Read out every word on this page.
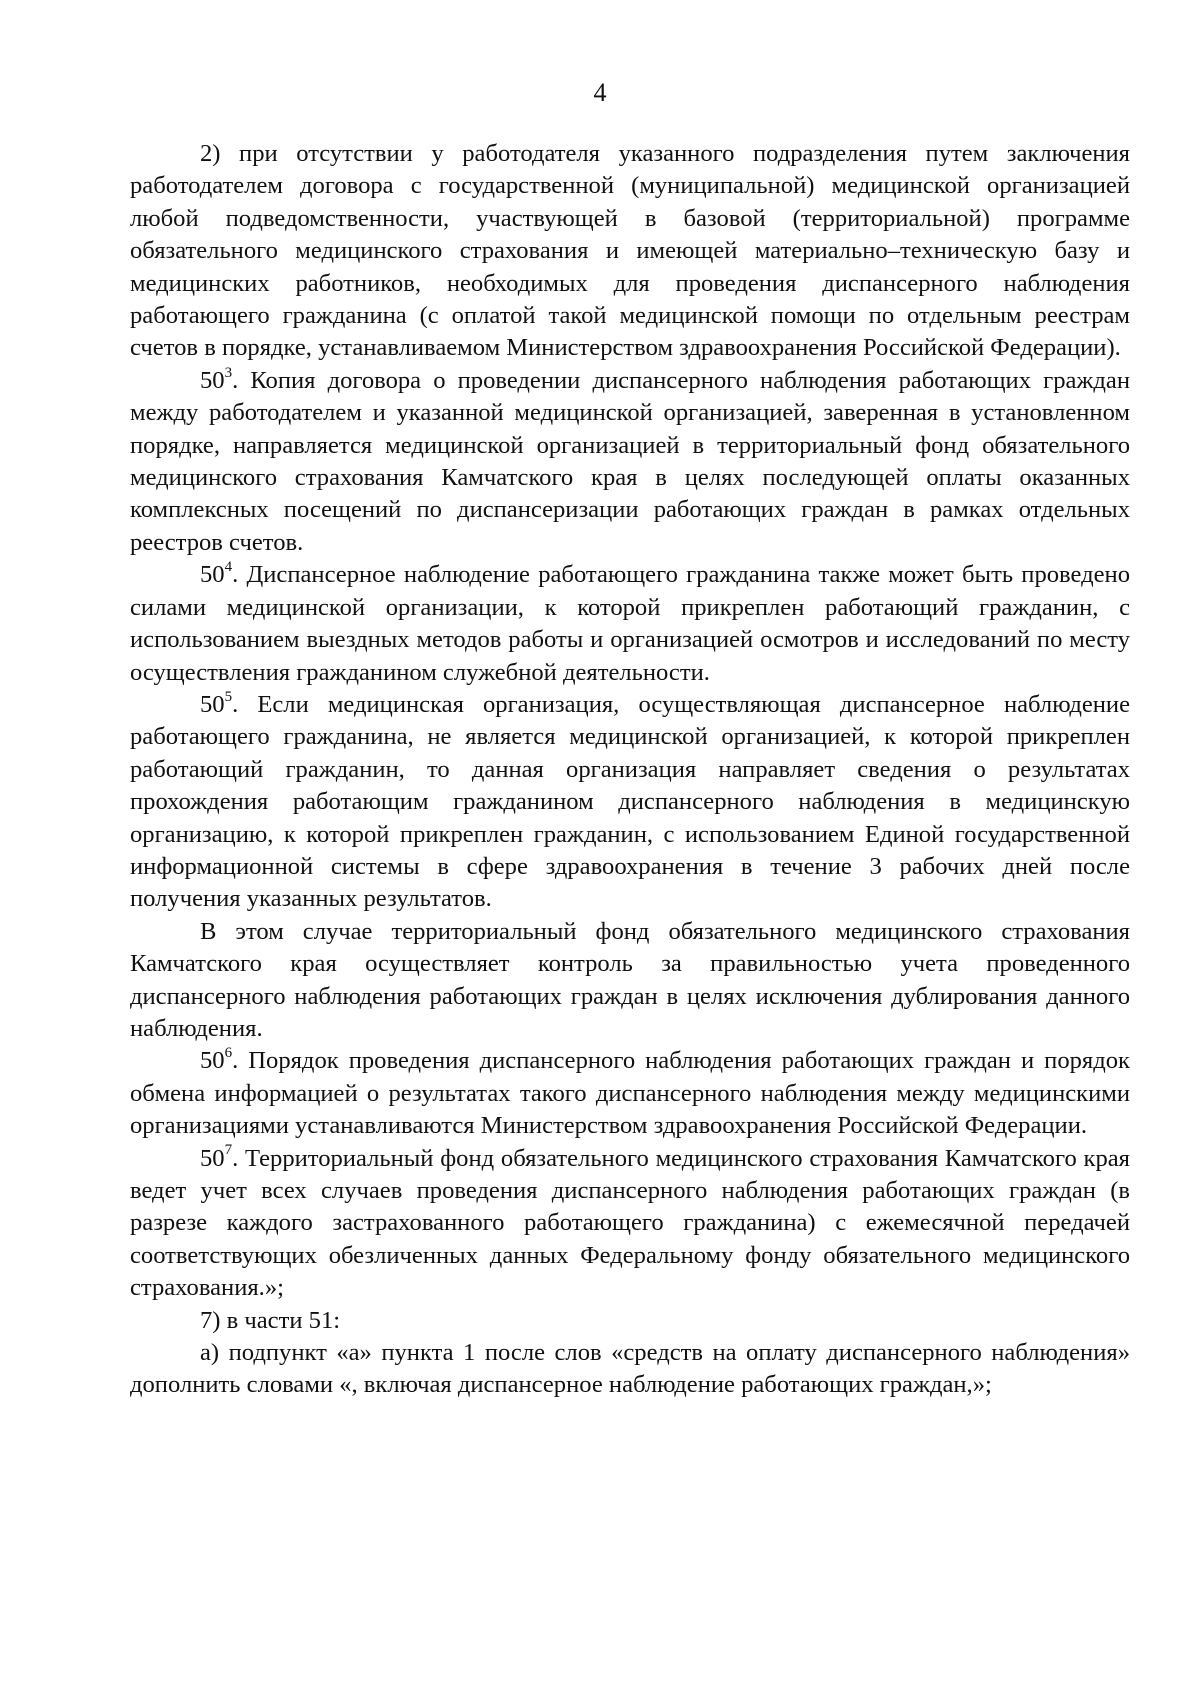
4

2) при отсутствии у работодателя указанного подразделения путем заключения работодателем договора с государственной (муниципальной) медицинской организацией любой подведомственности, участвующей в базовой (территориальной) программе обязательного медицинского страхования и имеющей материально–техническую базу и медицинских работников, необходимых для проведения диспансерного наблюдения работающего гражданина (с оплатой такой медицинской помощи по отдельным реестрам счетов в порядке, устанавливаемом Министерством здравоохранения Российской Федерации).

$50^3$. Копия договора о проведении диспансерного наблюдения работающих граждан между работодателем и указанной медицинской организацией, заверенная в установленном порядке, направляется медицинской организацией в территориальный фонд обязательного медицинского страхования Камчатского края в целях последующей оплаты оказанных комплексных посещений по диспансеризации работающих граждан в рамках отдельных реестров счетов.

$50^4$. Диспансерное наблюдение работающего гражданина также может быть проведено силами медицинской организации, к которой прикреплен работающий гражданин, с использованием выездных методов работы и организацией осмотров и исследований по месту осуществления гражданином служебной деятельности.

$50^5$. Если медицинская организация, осуществляющая диспансерное наблюдение работающего гражданина, не является медицинской организацией, к которой прикреплен работающий гражданин, то данная организация направляет сведения о результатах прохождения работающим гражданином диспансерного наблюдения в медицинскую организацию, к которой прикреплен гражданин, с использованием Единой государственной информационной системы в сфере здравоохранения в течение 3 рабочих дней после получения указанных результатов.

В этом случае территориальный фонд обязательного медицинского страхования Камчатского края осуществляет контроль за правильностью учета проведенного диспансерного наблюдения работающих граждан в целях исключения дублирования данного наблюдения.

$50^6$. Порядок проведения диспансерного наблюдения работающих граждан и порядок обмена информацией о результатах такого диспансерного наблюдения между медицинскими организациями устанавливаются Министерством здравоохранения Российской Федерации.

$50^7$. Территориальный фонд обязательного медицинского страхования Камчатского края ведет учет всех случаев проведения диспансерного наблюдения работающих граждан (в разрезе каждого застрахованного работающего гражданина) с ежемесячной передачей соответствующих обезличенных данных Федеральному фонду обязательного медицинского страхования.»;

7) в части 51:

а) подпункт «а» пункта 1 после слов «средств на оплату диспансерного наблюдения» дополнить словами «, включая диспансерное наблюдение работающих граждан,»;
